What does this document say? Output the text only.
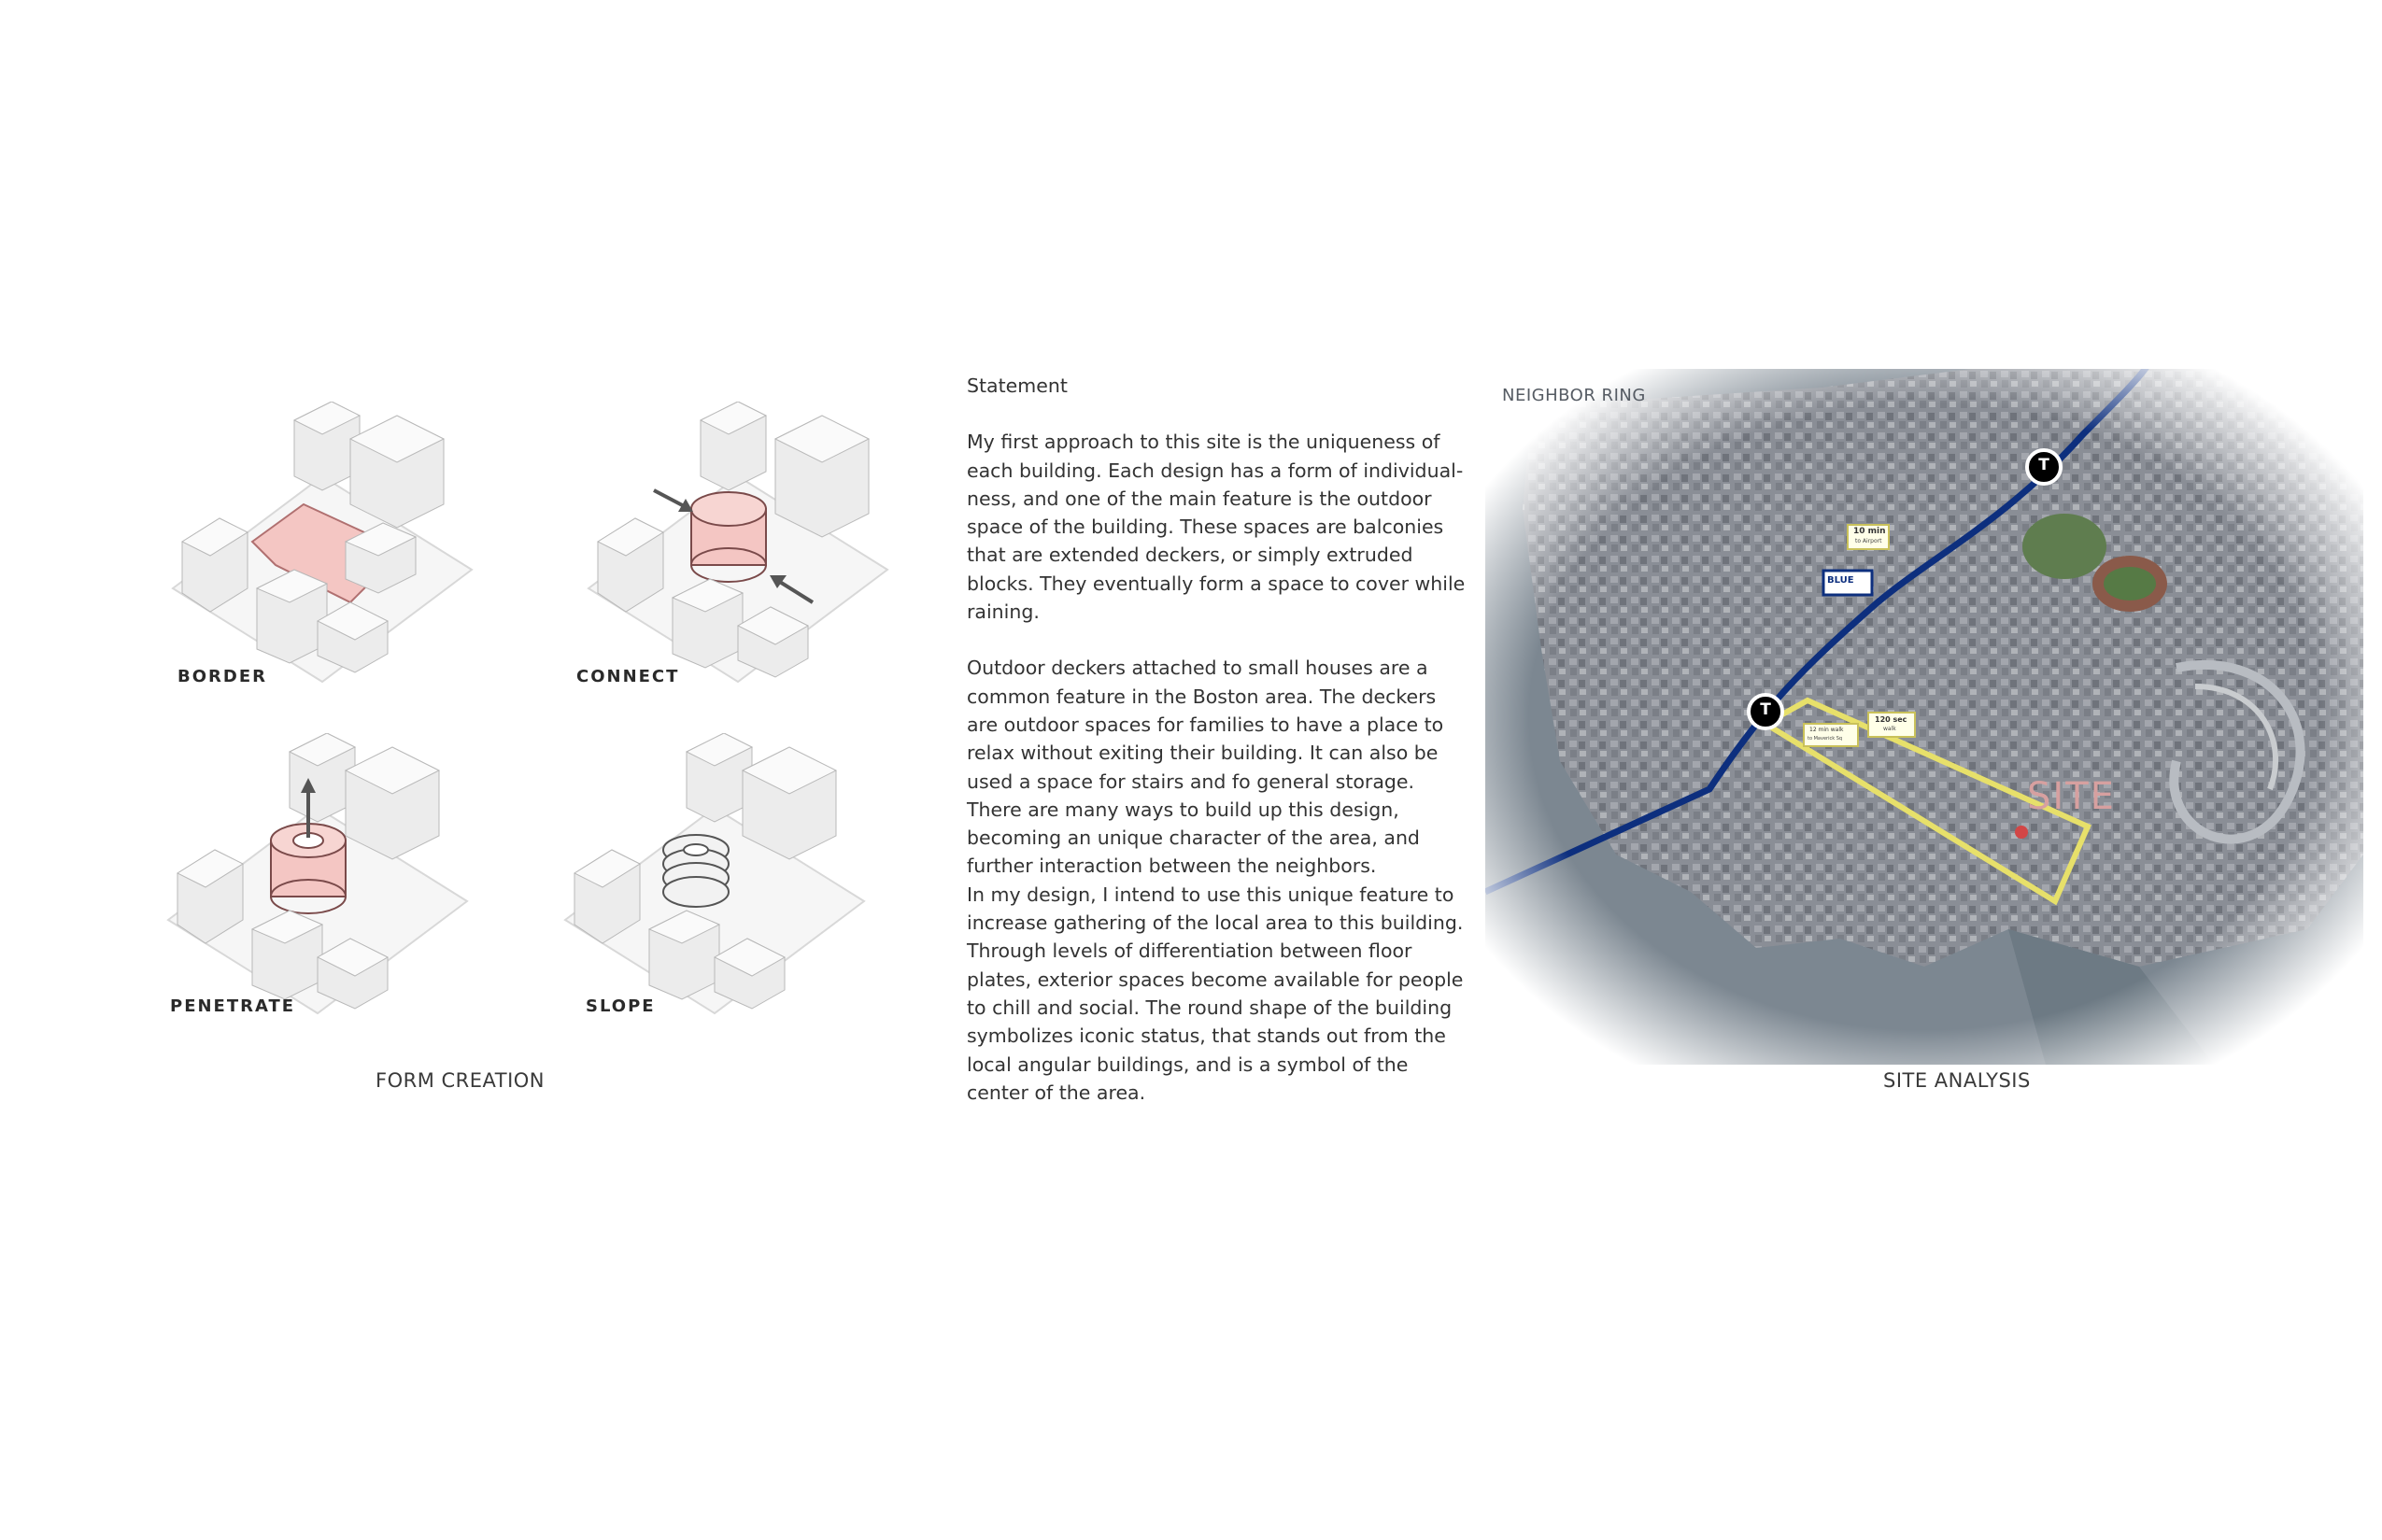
BORDER	CONNECT
PENETRATE	SLOPE
FORM CREATION

Statement

My first approach to this site is the uniqueness of each building. Each design has a form of individual-ness, and one of the main feature is the outdoor space of the building. These spaces are balconies that are extended deckers, or simply extruded blocks. They eventually form a space to cover while raining.

Outdoor deckers attached to small houses are a common feature in the Boston area. The deckers are outdoor spaces for families to have a place to relax without exiting their building. It can also be used a space for stairs and fo general storage. There are many ways to build up this design, becoming an unique character of the area, and further interaction between the neighbors. 

In my design, I intend to use this unique feature to increase gathering of the local area to this building. Through levels of differentiation between floor plates, exterior spaces become available for people to chill and social. The round shape of the building symbolizes iconic status, that stands out from the local angular buildings, and is a symbol of the center of the area.

NEIGHBOR RING
SITE
T
T
BLUE
10 min
to Airport
12 min walk
to Maverick Sq
120 sec
walk
SITE ANALYSIS
